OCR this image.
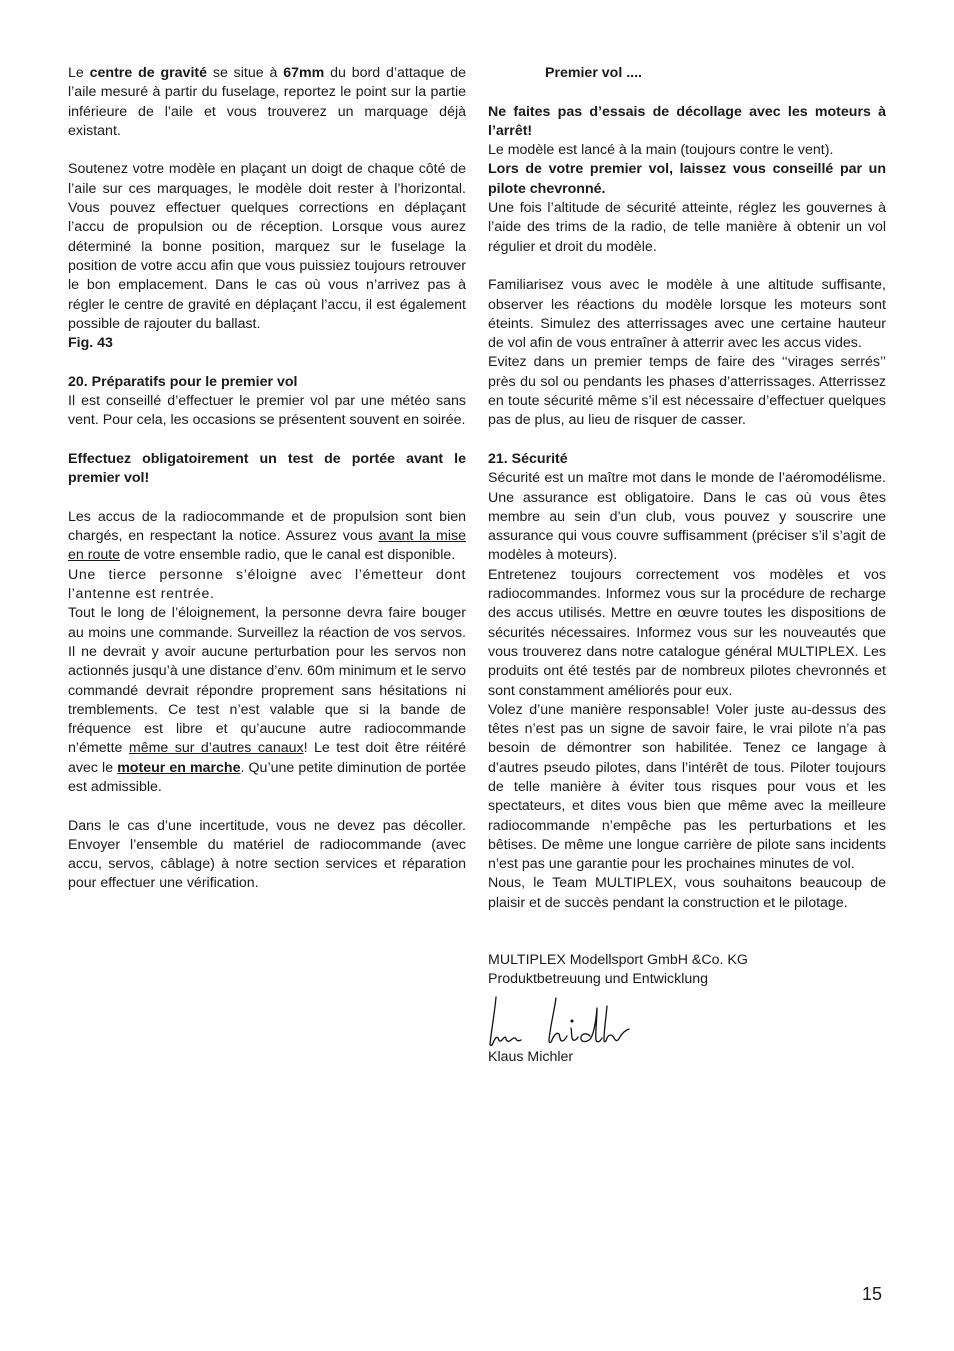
Le centre de gravité se situe à 67mm du bord d’attaque de l’aile mesuré à partir du fuselage, reportez le point sur la partie inférieure de l’aile et vous trouverez un marquage déjà existant.

Soutenez votre modèle en plaçant un doigt de chaque côté de l’aile sur ces marquages, le modèle doit rester à l’horizontal. Vous pouvez effectuer quelques corrections en déplaçant l’accu de propulsion ou de réception. Lorsque vous aurez déterminé la bonne position, marquez sur le fuselage la position de votre accu afin que vous puissiez toujours retrouver le bon emplacement. Dans le cas où vous n’arrivez pas à régler le centre de gravité en déplaçant l’accu, il est également possible de rajouter du ballast.

Fig. 43

20. Préparatifs pour le premier vol

Il est conseillé d’effectuer le premier vol par une météo sans vent. Pour cela, les occasions se présentent souvent en soirée.

Effectuez obligatoirement un test de portée avant le premier vol!

Les accus de la radiocommande et de propulsion sont bien chargés, en respectant la notice. Assurez vous avant la mise en route de votre ensemble radio, que le canal est disponible.

Une tierce personne s’éloigne avec l’émetteur dont l’antenne est rentrée.

Tout le long de l’éloignement, la personne devra faire bouger au moins une commande. Surveillez la réaction de vos servos. Il ne devrait y avoir aucune perturbation pour les servos non actionnés jusqu’à une distance d’env. 60m minimum et le servo commandé devrait répondre proprement sans hésitations ni tremblements. Ce test n’est valable que si la bande de fréquence est libre et qu’aucune autre radiocommande n’émette même sur d’autres canaux! Le test doit être réitéré avec le moteur en marche. Qu’une petite diminution de portée est admissible.

Dans le cas d’une incertitude, vous ne devez pas décoller. Envoyer l’ensemble du matériel de radiocommande (avec accu, servos, câblage) à notre section services et réparation pour effectuer une vérification.

Premier vol ....

Ne faites pas d’essais de décollage avec les moteurs à l’arrêt!

Le modèle est lancé à la main (toujours contre le vent).

Lors de votre premier vol, laissez vous conseillé par un pilote chevronné.

Une fois l’altitude de sécurité atteinte, réglez les gouvernes à l’aide des trims de la radio, de telle manière à obtenir un vol régulier et droit du modèle.

Familiarisez vous avec le modèle à une altitude suffisante, observer les réactions du modèle lorsque les moteurs sont éteints. Simulez des atterrissages avec une certaine hauteur de vol afin de vous entraîner à atterrir avec les accus vides.

Evitez dans un premier temps de faire des ‘‘virages serrés’’ près du sol ou pendants les phases d’atterrissages. Atterrissez en toute sécurité même s’il est nécessaire d’effectuer quelques pas de plus, au lieu de risquer de casser.

21. Sécurité

Sécurité est un maître mot dans le monde de l’aéromodélisme. Une assurance est obligatoire. Dans le cas où vous êtes membre au sein d’un club, vous pouvez y souscrire une assurance qui vous couvre suffisamment (préciser s’il s’agit de modèles à moteurs).

Entretenez toujours correctement vos modèles et vos radiocommandes. Informez vous sur la procédure de recharge des accus utilisés. Mettre en œuvre toutes les dispositions de sécurités nécessaires. Informez vous sur les nouveautés que vous trouverez dans notre catalogue général MULTIPLEX. Les produits ont été testés par de nombreux pilotes chevronnés et sont constamment améliorés pour eux.

Volez d’une manière responsable! Voler juste au-dessus des têtes n’est pas un signe de savoir faire, le vrai pilote n’a pas besoin de démontrer son habilitée. Tenez ce langage à d’autres pseudo pilotes, dans l’intérêt de tous. Piloter toujours de telle manière à éviter tous risques pour vous et les spectateurs, et dites vous bien que même avec la meilleure radiocommande n’empêche pas les perturbations et les bêtises. De même une longue carrière de pilote sans incidents n’est pas une garantie pour les prochaines minutes de vol.

Nous, le Team MULTIPLEX, vous souhaitons beaucoup de plaisir et de succès pendant la construction et le pilotage.

MULTIPLEX Modellsport GmbH &Co. KG

Produktbetreuung und Entwicklung

Klaus Michler

15
